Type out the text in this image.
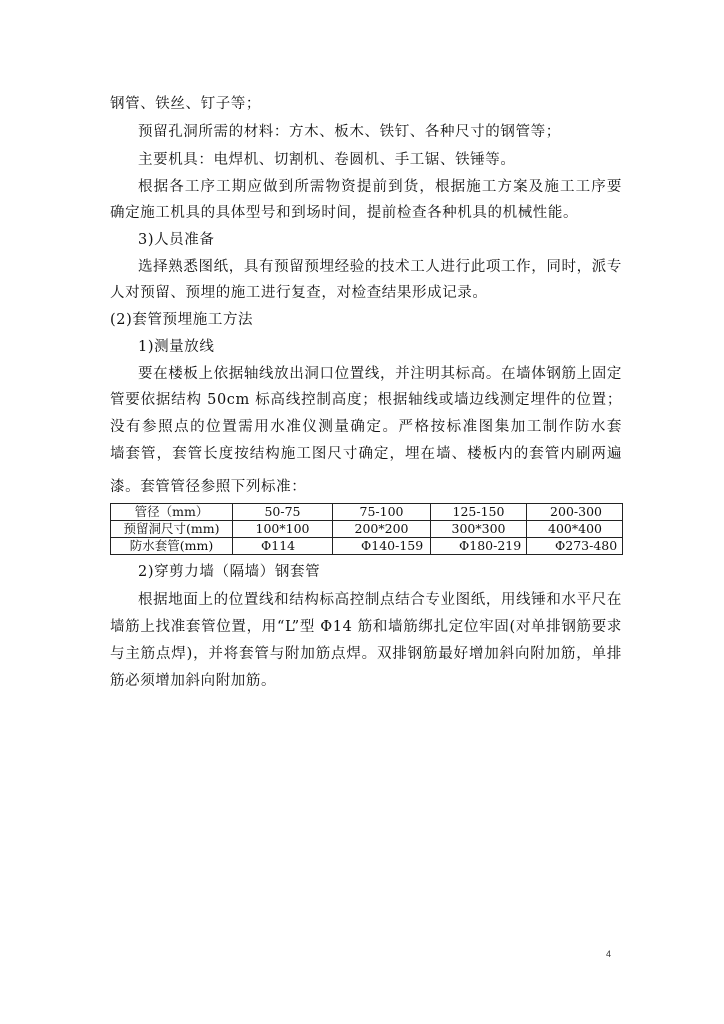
钢管、铁丝、钉子等；
预留孔洞所需的材料：方木、板木、铁钉、各种尺寸的钢管等；
主要机具：电焊机、切割机、卷圆机、手工锯、铁锤等。
根据各工序工期应做到所需物资提前到货，根据施工方案及施工工序要
确定施工机具的具体型号和到场时间，提前检查各种机具的机械性能。
3)人员准备
选择熟悉图纸，具有预留预埋经验的技术工人进行此项工作，同时，派专
人对预留、预埋的施工进行复查，对检查结果形成记录。
(2)套管预埋施工方法
1)测量放线
要在楼板上依据轴线放出洞口位置线，并注明其标高。在墙体钢筋上固定
管要依据结构 50cm 标高线控制高度；根据轴线或墙边线测定埋件的位置；
没有参照点的位置需用水准仪测量确定。严格按标准图集加工制作防水套
墙套管，套管长度按结构施工图尺寸确定，埋在墙、楼板内的套管内刷两遍
漆。套管管径参照下列标准：
管径（mm）	50-75	75-100	125-150	200-300
预留洞尺寸(mm)	100*100	200*200	300*300	400*400
防水套管(mm)	Φ114	Φ140-159	Φ180-219	Φ273-480
2)穿剪力墙（隔墙）钢套管
根据地面上的位置线和结构标高控制点结合专业图纸，用线锤和水平尺在
墙筋上找准套管位置，用“L”型 Φ14 筋和墙筋绑扎定位牢固(对单排钢筋要求
与主筋点焊)，并将套管与附加筋点焊。双排钢筋最好增加斜向附加筋，单排
筋必须增加斜向附加筋。
4
